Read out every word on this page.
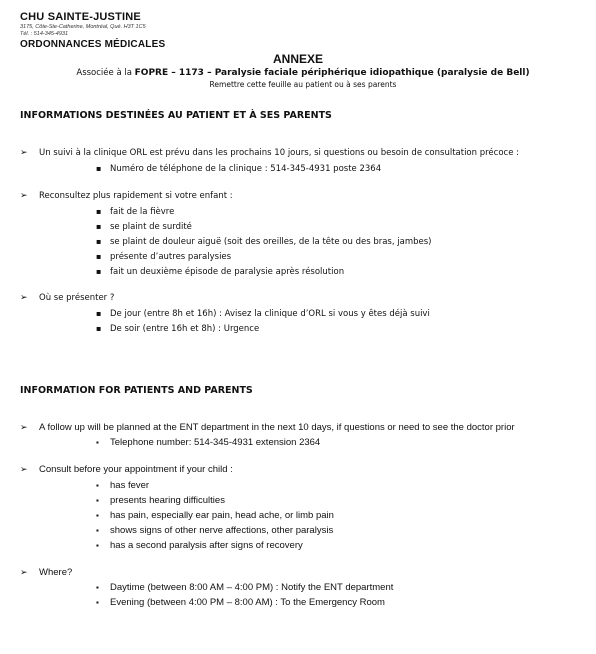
CHU SAINTE-JUSTINE
3175, Côte-Ste-Catherine, Montréal, Qué. H3T 1C5
Tél. : 514-345-4931
ORDONNANCES MÉDICALES
ANNEXE
Associée à la FOPRE – 1173 – Paralysie faciale périphérique idiopathique (paralysie de Bell)
Remettre cette feuille au patient ou à ses parents
INFORMATIONS DESTINÉES AU PATIENT ET À SES PARENTS
➢ Un suivi à la clinique ORL est prévu dans les prochains 10 jours, si questions ou besoin de consultation précoce :
▪ Numéro de téléphone de la clinique : 514-345-4931 poste 2364
➢ Reconsultez plus rapidement si votre enfant :
▪ fait de la fièvre
▪ se plaint de surdité
▪ se plaint de douleur aiguë (soit des oreilles, de la tête ou des bras, jambes)
▪ présente d’autres paralysies
▪ fait un deuxième épisode de paralysie après résolution
➢ Où se présenter ?
▪ De jour (entre 8h et 16h) : Avisez la clinique d’ORL si vous y êtes déjà suivi
▪ De soir (entre 16h et 8h) : Urgence
INFORMATION FOR PATIENTS AND PARENTS
➢ A follow up will be planned at the ENT department in the next 10 days, if questions or need to see the doctor prior
▪ Telephone number: 514-345-4931 extension 2364
➢ Consult before your appointment if your child :
▪ has fever
▪ presents hearing difficulties
▪ has pain, especially ear pain, head ache, or limb pain
▪ shows signs of other nerve affections, other paralysis
▪ has a second paralysis after signs of recovery
➢ Where?
▪ Daytime (between 8:00 AM – 4:00 PM) : Notify the ENT department
▪ Evening (between 4:00 PM – 8:00 AM) : To the Emergency Room
